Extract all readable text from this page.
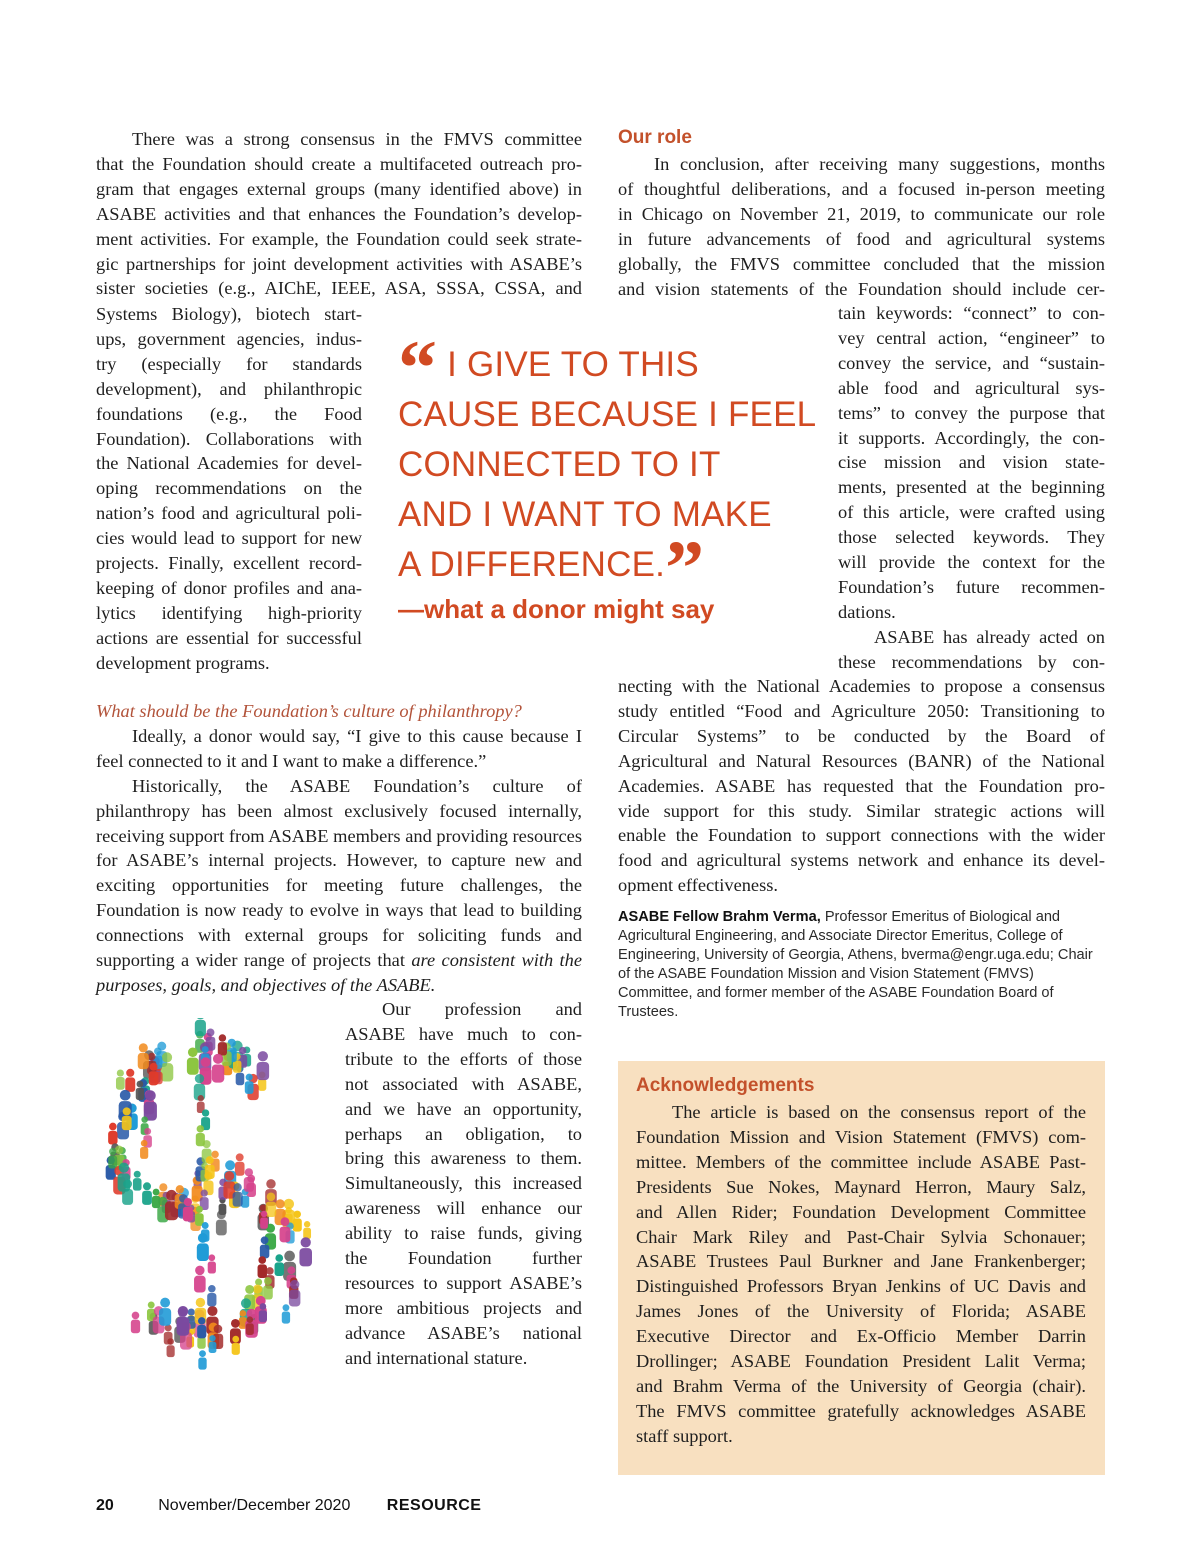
There was a strong consensus in the FMVS committee
that the Foundation should create a multifaceted outreach pro-
gram that engages external groups (many identified above) in
ASABE activities and that enhances the Foundation’s develop-
ment activities. For example, the Foundation could seek strate-
gic partnerships for joint development activities with ASABE’s
sister societies (e.g., AIChE, IEEE, ASA, SSSA, CSSA, and
Systems Biology), biotech start-
ups, government agencies, indus-
try (especially for standards
development), and philanthropic
foundations (e.g., the Food
Foundation). Collaborations with
the National Academies for devel-
oping recommendations on the
nation’s food and agricultural poli-
cies would lead to support for new
projects. Finally, excellent record-
keeping of donor profiles and ana-
lytics identifying high-priority
actions are essential for successful
development programs.
“ I GIVE TO THIS
CAUSE BECAUSE I FEEL
CONNECTED TO IT
AND I WANT TO MAKE
A DIFFERENCE.”
—what a donor might say

What should be the Foundation’s culture of philanthropy?

Ideally, a donor would say, “I give to this cause because I feel connected to it and I want to make a difference.”

Historically, the ASABE Foundation’s culture of philanthropy has been almost exclusively focused internally, receiving support from ASABE members and providing resources for ASABE’s internal projects. However, to capture new and exciting opportunities for meeting future challenges, the Foundation is now ready to evolve in ways that lead to building connections with external groups for soliciting funds and supporting a wider range of projects that are consistent with the purposes, goals, and objectives of the ASABE.

Our profession and
ASABE have much to con-
tribute to the efforts of those
not associated with ASABE,
and we have an opportunity,
perhaps an obligation, to
bring this awareness to them.
Simultaneously, this increased
awareness will enhance our
ability to raise funds, giving
the Foundation further
resources to support ASABE’s
more ambitious projects and
advance ASABE’s national
and international stature.

Our role

In conclusion, after receiving many suggestions, months
of thoughtful deliberations, and a focused in-person meeting
in Chicago on November 21, 2019, to communicate our role
in future advancements of food and agricultural systems
globally, the FMVS committee concluded that the mission
and vision statements of the Foundation should include cer-
tain keywords: “connect” to con-
vey central action, “engineer” to
convey the service, and “sustain-
able food and agricultural sys-
tems” to convey the purpose that
it supports. Accordingly, the con-
cise mission and vision state-
ments, presented at the beginning
of this article, were crafted using
those selected keywords. They
will provide the context for the
Foundation’s future recommen-
dations.
ASABE has already acted on
these recommendations by con-
necting with the National Academies to propose a consensus
study entitled “Food and Agriculture 2050: Transitioning to
Circular Systems” to be conducted by the Board of
Agricultural and Natural Resources (BANR) of the National
Academies. ASABE has requested that the Foundation pro-
vide support for this study. Similar strategic actions will
enable the Foundation to support connections with the wider
food and agricultural systems network and enhance its devel-
opment effectiveness.

ASABE Fellow Brahm Verma, Professor Emeritus of Biological and Agricultural Engineering, and Associate Director Emeritus, College of Engineering, University of Georgia, Athens, bverma@engr.uga.edu; Chair of the ASABE Foundation Mission and Vision Statement (FMVS) Committee, and former member of the ASABE Foundation Board of Trustees.

Acknowledgements

The article is based on the consensus report of the
Foundation Mission and Vision Statement (FMVS) com-
mittee. Members of the committee include ASABE Past-
Presidents Sue Nokes, Maynard Herron, Maury Salz,
and Allen Rider; Foundation Development Committee
Chair Mark Riley and Past-Chair Sylvia Schonauer;
ASABE Trustees Paul Burkner and Jane Frankenberger;
Distinguished Professors Bryan Jenkins of UC Davis and
James Jones of the University of Florida; ASABE
Executive Director and Ex-Officio Member Darrin
Drollinger; ASABE Foundation President Lalit Verma;
and Brahm Verma of the University of Georgia (chair).
The FMVS committee gratefully acknowledges ASABE
staff support.
20	November/December 2020 RESOURCE
